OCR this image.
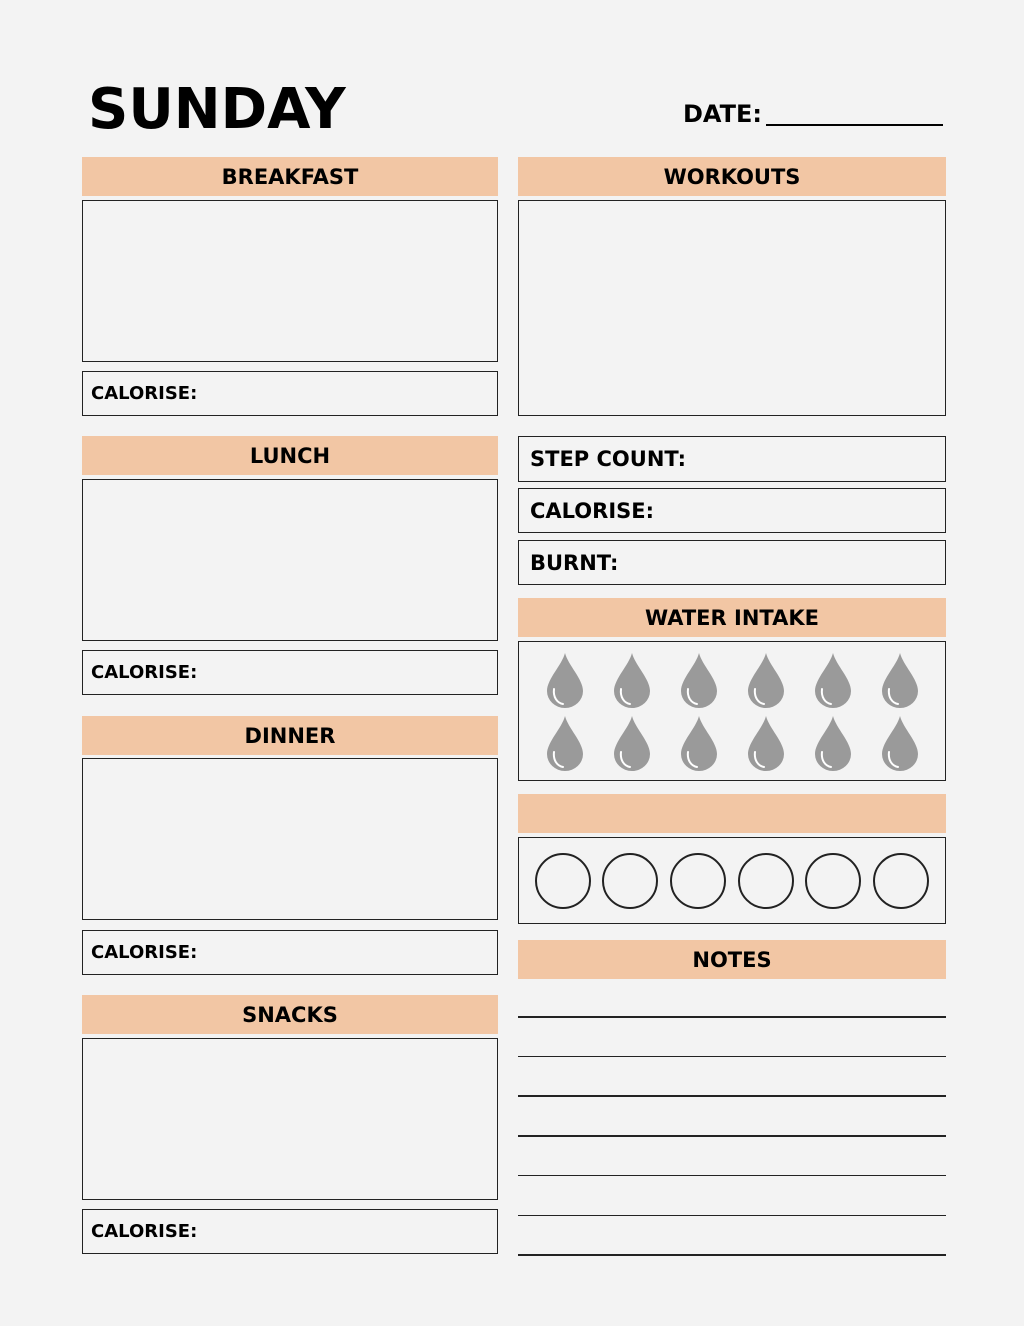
SUNDAY	DATE:
BREAKFAST
CALORISE:
LUNCH
CALORISE:
DINNER
CALORISE:
SNACKS
CALORISE:
WORKOUTS
STEP COUNT:
CALORISE:
BURNT:
WATER INTAKE
NOTES
